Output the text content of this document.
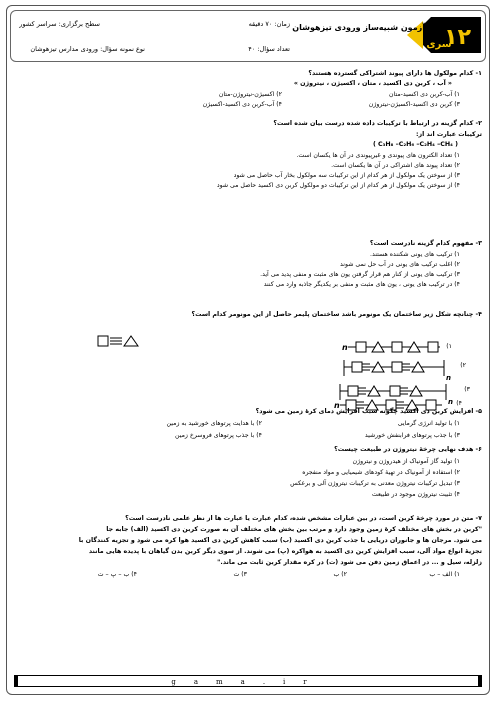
۱۲
سری
آزمون شبیه‌ساز ورودی تیزهوشان
زمان: ۷۰ دقیقه
سطح برگزاری: سراسر کشور
تعداد سؤال: ۴۰
نوع نمونه سؤال: ورودی مدارس تیزهوشان
۱- کدام مولکول ها دارای پیوند اشتراکی گسترده هستند؟
« آب ، کربن دی اکسید ، متان ، اکسیژن ، نیتروژن »
۱) آب-کربن دی اکسید-متان
۲) اکسیژن-نیتروژن-متان
۳) کربن دی اکسید-اکسیژن-نیتروژن
۴) آب-کربن دی اکسید-اکسیژن
۲- کدام گزینه در ارتباط با ترکیبات داده شده درست بیان شده است؟
ترکیبات عبارت اند از:
( C₃H₈ –C₂H₆ –C₂H₄ –CH₄ )
۱) تعداد الکترون های پیوندی و غیرپیوندی در آن ها یکسان است.
۲) تعداد پیوند های اشتراکی در آن ها یکسان است.
۳) از سوختن یک مولکول از هر کدام از این ترکیبات سه مولکول بخار آب حاصل می شود
۴) از سوختن یک مولکول از هر کدام از این ترکیبات دو مولکول کربن دی اکسید حاصل می شود
۳- مفهوم کدام گزینه نادرست است؟
۱) ترکیب های یونی شکننده هستند.
۲) اغلب ترکیب های یونی در آب حل نمی شوند
۳) ترکیب های یونی از کنار هم قرار گرفتن یون های مثبت و منفی پدید می آید.
۴) در ترکیب های یونی ، یون های مثبت و منفی بر یکدیگر جاذبه وارد می کنند
۴- چنانچه شکل زیر ساختمان یک مونومر باشد ساختمان پلیمر حاصل از این مونومر کدام است؟
n	۱)
n
۲)
n
۳)
n	۴)
۵- افزایش کربن دی اکسید چگونه سبب افزایش دمای کرۀ زمین می شود؟
۱) با تولید انرژی گرمایی
۲) با هدایت پرتوهای خورشید به زمین
۳) با جذب پرتوهای فرابنفش خورشید
۴) با جذب پرتوهای فروسرخ زمین
۶- هدف نهایی چرخۀ نیتروژن در طبیعت چیست؟
۱) تولید گاز آمونیاک از هیدروژن و نیتروژن
۲) استفاده از آمونیاک در تهیۀ کودهای شیمیایی و مواد منفجره
۳) تبدیل ترکیبات نیتروژن معدنی به ترکیبات نیتروژن آلی و برعکس
۴) تثبیت نیتروژن موجود در طبیعت
۷- متن در مورد چرخۀ کربن است، در بین عبارات مشخص شده، کدام عبارت یا عبارت ها از نظر علمی نادرست است؟
"کربن در بخش های مختلف کرۀ زمین وجود دارد و مرتب بین بخش های مختلف آن به صورت کربن دی اکسید (الف) جابه جا
می شود. مرجان ها و جانوران دریایی با جذب کربن دی اکسید (ب) سبب کاهش کربن دی اکسید هوا کره می شود و تجزیه کنندگان با
تجزیۀ انواع مواد آلی، سبب افزایش کربن دی اکسید به هواکره (پ) می شوند. از سوی دیگر کربن بدن گیاهان با پدیده هایی مانند
زلزله، سیل و ... در اعماق زمین دفن می شود (ت) در کره مقدار کربن ثابت می ماند."
۱) الف – ب
۲) ب
۳) ت
۴) ب – پ – ت
gama.ir
